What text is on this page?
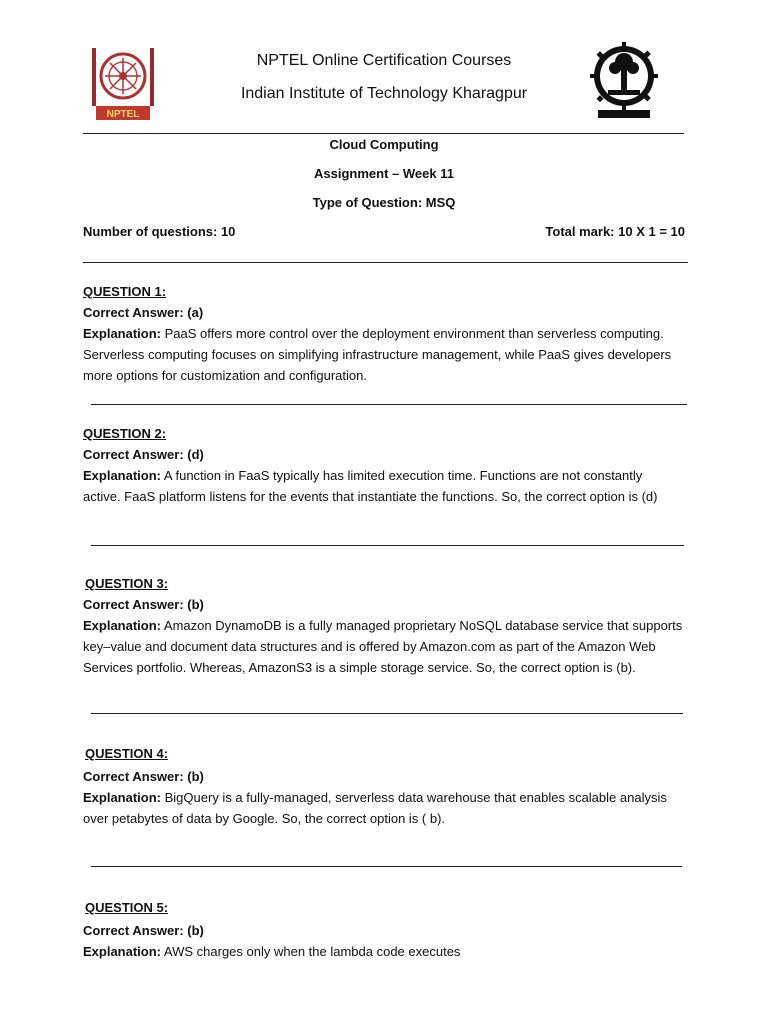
NPTEL
NPTEL Online Certification Courses
Indian Institute of Technology Kharagpur
Cloud Computing
Assignment – Week 11
Type of Question: MSQ
Number of questions: 10	Total mark: 10 X 1 = 10
QUESTION 1:
Correct Answer: (a)
Explanation: PaaS offers more control over the deployment environment than serverless computing. Serverless computing focuses on simplifying infrastructure management, while PaaS gives developers more options for customization and configuration.
QUESTION 2:
Correct Answer: (d)
Explanation: A function in FaaS typically has limited execution time. Functions are not constantly active. FaaS platform listens for the events that instantiate the functions. So, the correct option is (d)
QUESTION 3:
Correct Answer: (b)
Explanation: Amazon DynamoDB is a fully managed proprietary NoSQL database service that supports key–value and document data structures and is offered by Amazon.com as part of the Amazon Web Services portfolio. Whereas, AmazonS3 is a simple storage service. So, the correct option is (b).
QUESTION 4:
Correct Answer: (b)
Explanation: BigQuery is a fully-managed, serverless data warehouse that enables scalable analysis over petabytes of data by Google. So, the correct option is ( b).
QUESTION 5:
Correct Answer: (b)
Explanation: AWS charges only when the lambda code executes
